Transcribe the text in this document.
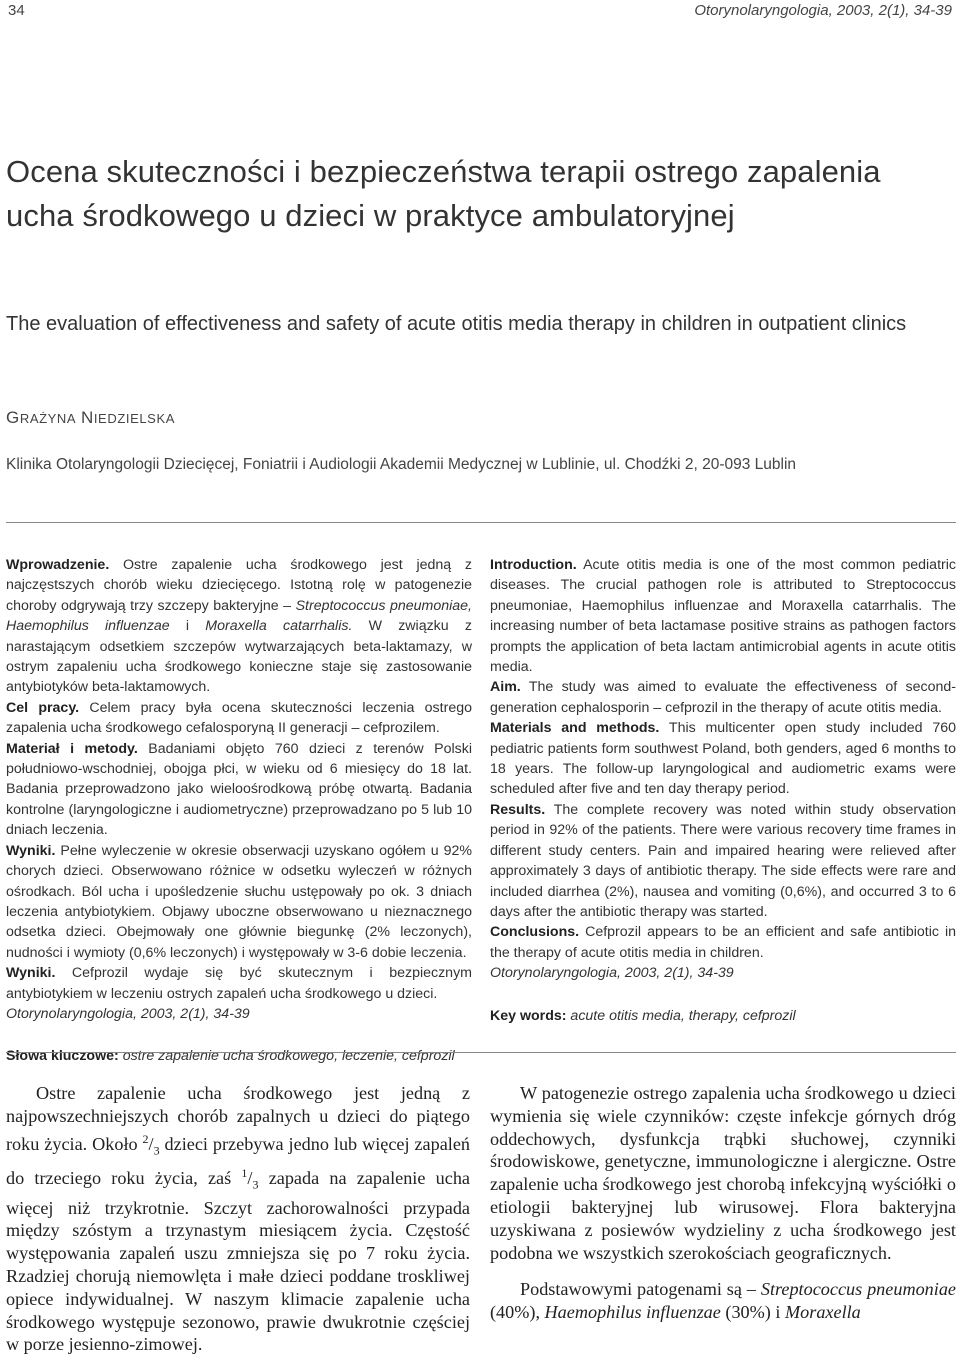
34	Otorynolaryngologia, 2003, 2(1), 34-39
Ocena skuteczności i bezpieczeństwa terapii ostrego zapalenia ucha środkowego u dzieci w praktyce ambulatoryjnej
The evaluation of effectiveness and safety of acute otitis media therapy in children in outpatient clinics
GRAŻYNA NIEDZIELSKA
Klinika Otolaryngologii Dziecięcej, Foniatrii i Audiologii Akademii Medycznej w Lublinie, ul. Chodźki 2, 20-093 Lublin

Wprowadzenie. Ostre zapalenie ucha środkowego jest jedną z najczęstszych chorób wieku dziecięcego. Istotną rolę w patogenezie choroby odgrywają trzy szczepy bakteryjne – Streptococcus pneumoniae, Haemophilus influenzae i Moraxella catarrhalis. W związku z narastającym odsetkiem szczepów wytwarzających beta-laktamazy, w ostrym zapaleniu ucha środkowego konieczne staje się zastosowanie antybiotyków beta-laktamowych.

Cel pracy. Celem pracy była ocena skuteczności leczenia ostrego zapalenia ucha środkowego cefalosporyną II generacji – cefprozilem.

Materiał i metody. Badaniami objęto 760 dzieci z terenów Polski południowo-wschodniej, obojga płci, w wieku od 6 miesięcy do 18 lat. Badania przeprowadzono jako wieloośrodkową próbę otwartą. Badania kontrolne (laryngologiczne i audiometryczne) przeprowadzano po 5 lub 10 dniach leczenia.

Wyniki. Pełne wyleczenie w okresie obserwacji uzyskano ogółem u 92% chorych dzieci. Obserwowano różnice w odsetku wyleczeń w różnych ośrodkach. Ból ucha i upośledzenie słuchu ustępowały po ok. 3 dniach leczenia antybiotykiem. Objawy uboczne obserwowano u nieznacznego odsetka dzieci. Obejmowały one głównie biegunkę (2% leczonych), nudności i wymioty (0,6% leczonych) i występowały w 3-6 dobie leczenia.

Wyniki. Cefprozil wydaje się być skutecznym i bezpiecznym antybiotykiem w leczeniu ostrych zapaleń ucha środkowego u dzieci.

Otorynolaryngologia, 2003, 2(1), 34-39

Słowa kluczowe: ostre zapalenie ucha środkowego, leczenie, cefprozil

Introduction. Acute otitis media is one of the most common pediatric diseases. The crucial pathogen role is attributed to Streptococcus pneumoniae, Haemophilus influenzae and Moraxella catarrhalis. The increasing number of beta lactamase positive strains as pathogen factors prompts the application of beta lactam antimicrobial agents in acute otitis media.

Aim. The study was aimed to evaluate the effectiveness of second-generation cephalosporin – cefprozil in the therapy of acute otitis media.

Materials and methods. This multicenter open study included 760 pediatric patients form southwest Poland, both genders, aged 6 months to 18 years. The follow-up laryngological and audiometric exams were scheduled after five and ten day therapy period.

Results. The complete recovery was noted within study observation period in 92% of the patients. There were various recovery time frames in different study centers. Pain and impaired hearing were relieved after approximately 3 days of antibiotic therapy. The side effects were rare and included diarrhea (2%), nausea and vomiting (0,6%), and occurred 3 to 6 days after the antibiotic therapy was started.

Conclusions. Cefprozil appears to be an efficient and safe antibiotic in the therapy of acute otitis media in children.

Otorynolaryngologia, 2003, 2(1), 34-39

Key words: acute otitis media, therapy, cefprozil

Ostre zapalenie ucha środkowego jest jedną z najpowszechniejszych chorób zapalnych u dzieci do piątego roku życia. Około $^2/_3$ dzieci przebywa jedno lub więcej zapaleń do trzeciego roku życia, zaś $^1/_3$ zapada na zapalenie ucha więcej niż trzykrotnie. Szczyt zachorowalności przypada między szóstym a trzynastym miesiącem życia. Częstość występowania zapaleń uszu zmniejsza się po 7 roku życia. Rzadziej chorują niemowlęta i małe dzieci poddane troskliwej opiece indywidualnej. W naszym klimacie zapalenie ucha środkowego występuje sezonowo, prawie dwukrotnie częściej w porze jesienno-zimowej.

W patogenezie ostrego zapalenia ucha środkowego u dzieci wymienia się wiele czynników: częste infekcje górnych dróg oddechowych, dysfunkcja trąbki słuchowej, czynniki środowiskowe, genetyczne, immunologiczne i alergiczne. Ostre zapalenie ucha środkowego jest chorobą infekcyjną wyściółki o etiologii bakteryjnej lub wirusowej. Flora bakteryjna uzyskiwana z posiewów wydzieliny z ucha środkowego jest podobna we wszystkich szerokościach geograficznych.

Podstawowymi patogenami są – Streptococcus pneumoniae (40%), Haemophilus influenzae (30%) i Moraxella
